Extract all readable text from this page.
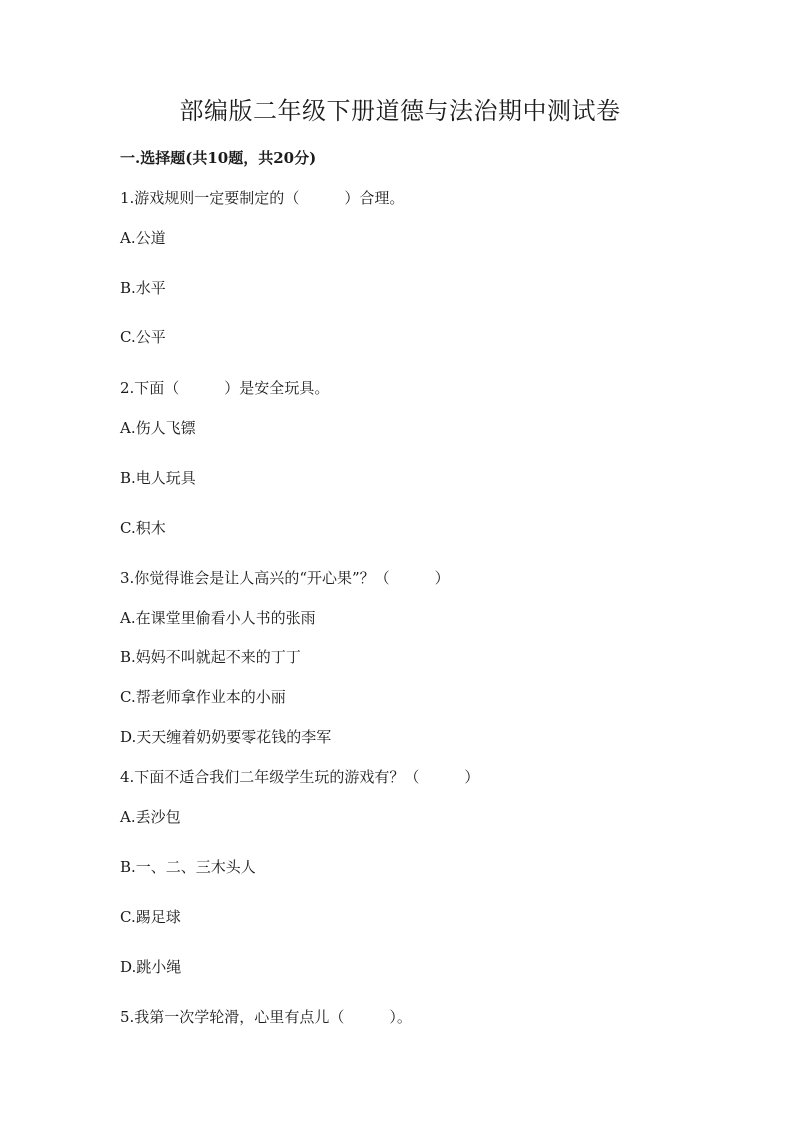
部编版二年级下册道德与法治期中测试卷
一.选择题(共10题，共20分)
1.游戏规则一定要制定的（　　　）合理。
A.公道
B.水平
C.公平
2.下面（　　　）是安全玩具。
A.伤人飞镖
B.电人玩具
C.积木
3.你觉得谁会是让人高兴的“开心果”？（　　　）
A.在课堂里偷看小人书的张雨
B.妈妈不叫就起不来的丁丁
C.帮老师拿作业本的小丽
D.天天缠着奶奶要零花钱的李军
4.下面不适合我们二年级学生玩的游戏有？（　　　）
A.丢沙包
B.一、二、三木头人
C.踢足球
D.跳小绳
5.我第一次学轮滑，心里有点儿（　　　）。
